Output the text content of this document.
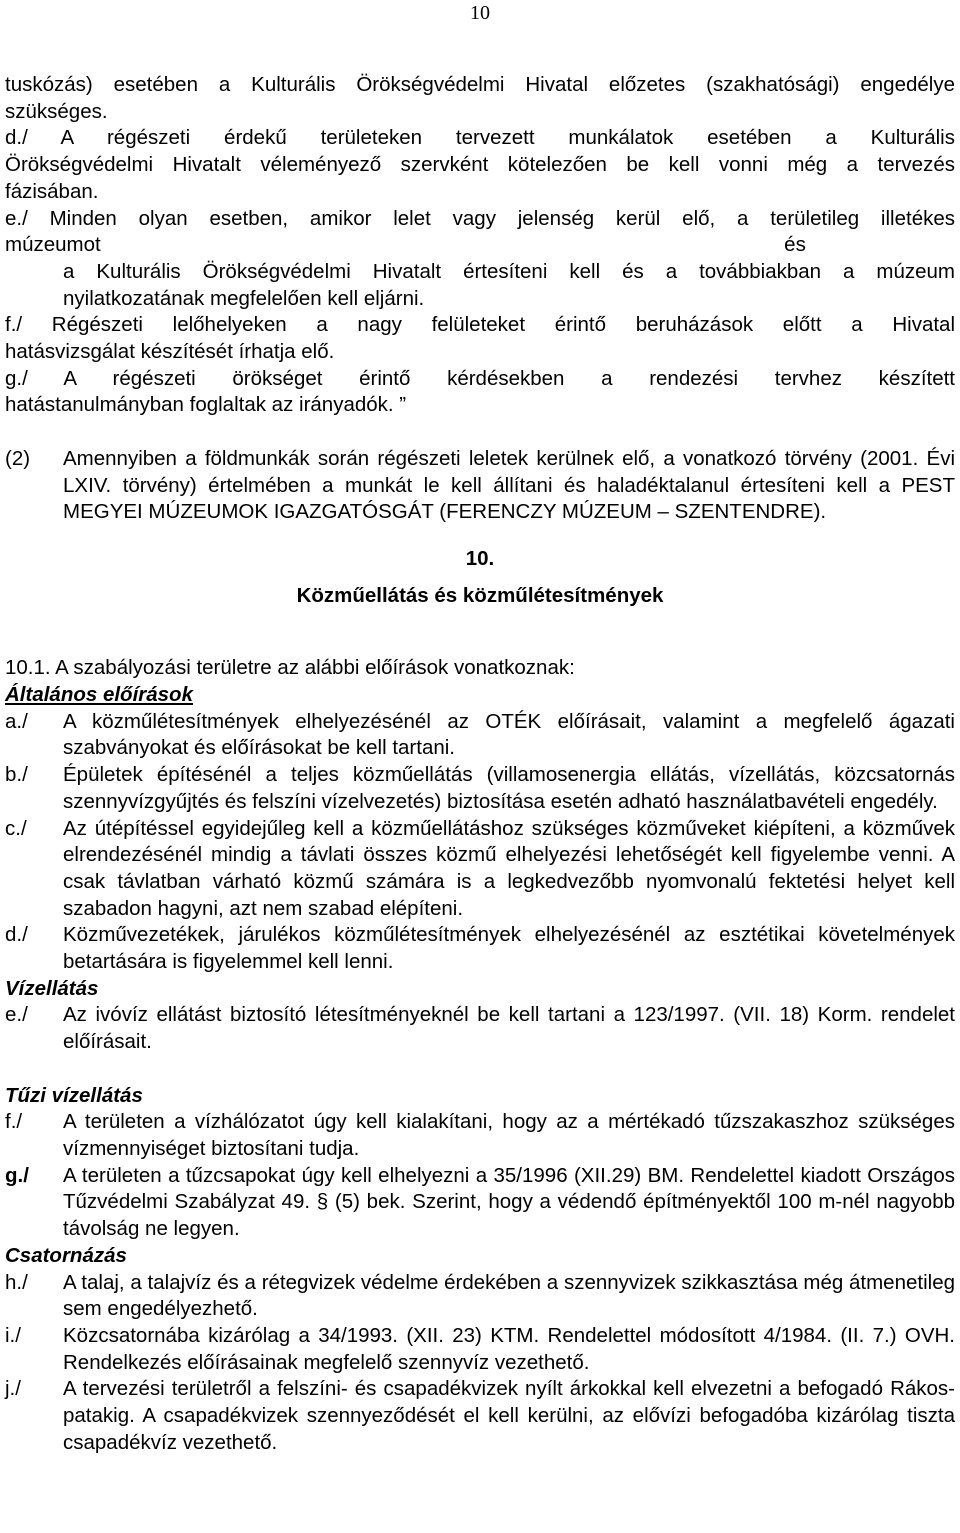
10
tuskózás) esetében a Kulturális Örökségvédelmi Hivatal előzetes (szakhatósági) engedélye
szükséges.
d./ A régészeti érdekű területeken tervezett munkálatok esetében a Kulturális
Örökségvédelmi Hivatalt véleményező szervként kötelezően be kell vonni még a tervezés
fázisában.
e./ Minden olyan esetben, amikor lelet vagy jelenség kerül elő, a területileg illetékes
múzeumot                                                                                                                        és
a Kulturális Örökségvédelmi Hivatalt értesíteni kell és a továbbiakban a múzeum
nyilatkozatának megfelelően kell eljárni.
f./ Régészeti lelőhelyeken a nagy felületeket érintő beruházások előtt a Hivatal
hatásvizsgálat készítését írhatja elő.
g./ A régészeti örökséget érintő kérdésekben a rendezési tervhez készített
hatástanulmányban foglaltak az irányadók. ”
(2)	Amennyiben a földmunkák során régészeti leletek kerülnek elő, a vonatkozó törvény (2001. Évi LXIV. törvény) értelmében a munkát le kell állítani és haladéktalanul értesíteni kell a PEST MEGYEI MÚZEUMOK IGAZGATÓSGÁT (FERENCZY MÚZEUM – SZENTENDRE).
10.
Közműellátás és közműlétesítmények
10.1. A szabályozási területre az alábbi előírások vonatkoznak:
Általános előírások
a./	A közműlétesítmények elhelyezésénél az OTÉK előírásait, valamint a megfelelő ágazati szabványokat és előírásokat be kell tartani.
b./	Épületek építésénél a teljes közműellátás (villamosenergia ellátás, vízellátás, közcsatornás szennyvízgyűjtés és felszíni vízelvezetés) biztosítása esetén adható használatbavételi engedély.
c./	Az útépítéssel egyidejűleg kell a közműellátáshoz szükséges közműveket kiépíteni, a közművek elrendezésénél mindig a távlati összes közmű elhelyezési lehetőségét kell figyelembe venni. A csak távlatban várható közmű számára is a legkedvezőbb nyomvonalú fektetési helyet kell szabadon hagyni, azt nem szabad elépíteni.
d./	Közművezetékek, járulékos közműlétesítmények elhelyezésénél az esztétikai követelmények betartására is figyelemmel kell lenni.
Vízellátás
e./	Az ivóvíz ellátást biztosító létesítményeknél be kell tartani a 123/1997. (VII. 18) Korm. rendelet előírásait.
Tűzi vízellátás
f./	A területen a vízhálózatot úgy kell kialakítani, hogy az a mértékadó tűzszakaszhoz szükséges vízmennyiséget biztosítani tudja.
g./	A területen a tűzcsapokat úgy kell elhelyezni a 35/1996 (XII.29) BM. Rendelettel kiadott Országos Tűzvédelmi Szabályzat 49. § (5) bek. Szerint, hogy a védendő építményektől 100 m-nél nagyobb távolság ne legyen.
Csatornázás
h./	A talaj, a talajvíz és a rétegvizek védelme érdekében a szennyvizek szikkasztása még átmenetileg sem engedélyezhető.
i./	Közcsatornába kizárólag a 34/1993. (XII. 23) KTM. Rendelettel módosított 4/1984. (II. 7.) OVH. Rendelkezés előírásainak megfelelő szennyvíz vezethető.
j./	A tervezési területről a felszíni- és csapadékvizek nyílt árkokkal kell elvezetni a befogadó Rákos-patakig. A csapadékvizek szennyeződését el kell kerülni, az elővízi befogadóba kizárólag tiszta csapadékvíz vezethető.
